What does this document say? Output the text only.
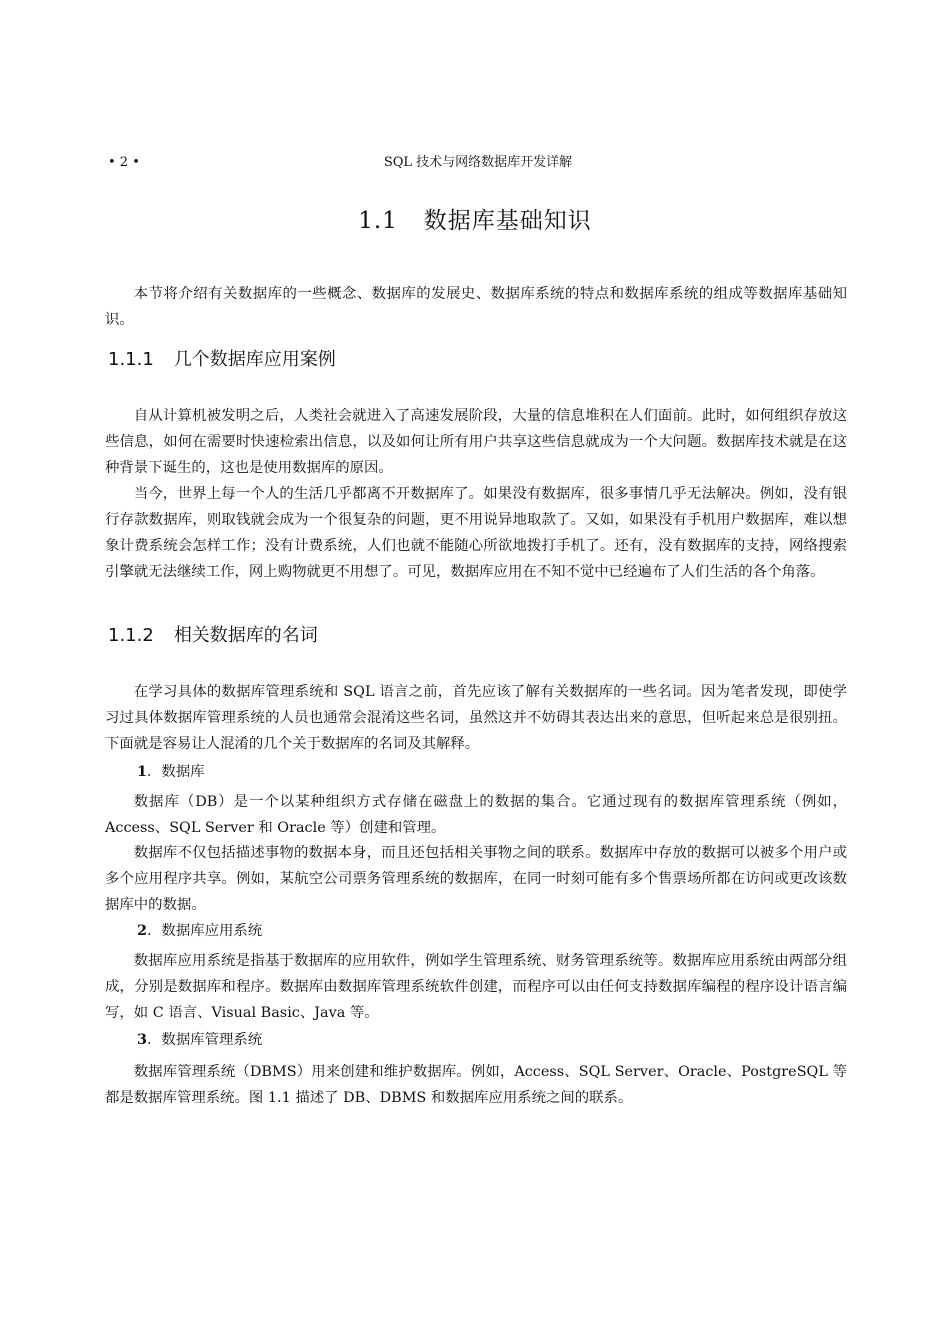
• 2 •	SQL 技术与网络数据库开发详解
1.1 数据库基础知识

本节将介绍有关数据库的一些概念、数据库的发展史、数据库系统的特点和数据库系统的组成等数据库基础知识。

1.1.1 几个数据库应用案例

自从计算机被发明之后，人类社会就进入了高速发展阶段，大量的信息堆积在人们面前。此时，如何组织存放这些信息，如何在需要时快速检索出信息，以及如何让所有用户共享这些信息就成为一个大问题。数据库技术就是在这种背景下诞生的，这也是使用数据库的原因。

当今，世界上每一个人的生活几乎都离不开数据库了。如果没有数据库，很多事情几乎无法解决。例如，没有银行存款数据库，则取钱就会成为一个很复杂的问题，更不用说异地取款了。又如，如果没有手机用户数据库，难以想象计费系统会怎样工作；没有计费系统，人们也就不能随心所欲地拨打手机了。还有，没有数据库的支持，网络搜索引擎就无法继续工作，网上购物就更不用想了。可见，数据库应用在不知不觉中已经遍布了人们生活的各个角落。

1.1.2 相关数据库的名词

在学习具体的数据库管理系统和 SQL 语言之前，首先应该了解有关数据库的一些名词。因为笔者发现，即使学习过具体数据库管理系统的人员也通常会混淆这些名词，虽然这并不妨碍其表达出来的意思，但听起来总是很别扭。下面就是容易让人混淆的几个关于数据库的名词及其解释。

1．数据库

数据库（DB）是一个以某种组织方式存储在磁盘上的数据的集合。它通过现有的数据库管理系统（例如，Access、SQL Server 和 Oracle 等）创建和管理。

数据库不仅包括描述事物的数据本身，而且还包括相关事物之间的联系。数据库中存放的数据可以被多个用户或多个应用程序共享。例如，某航空公司票务管理系统的数据库，在同一时刻可能有多个售票场所都在访问或更改该数据库中的数据。

2．数据库应用系统

数据库应用系统是指基于数据库的应用软件，例如学生管理系统、财务管理系统等。数据库应用系统由两部分组成，分别是数据库和程序。数据库由数据库管理系统软件创建，而程序可以由任何支持数据库编程的程序设计语言编写，如 C 语言、Visual Basic、Java 等。

3．数据库管理系统

数据库管理系统（DBMS）用来创建和维护数据库。例如，Access、SQL Server、Oracle、PostgreSQL 等都是数据库管理系统。图 1.1 描述了 DB、DBMS 和数据库应用系统之间的联系。
